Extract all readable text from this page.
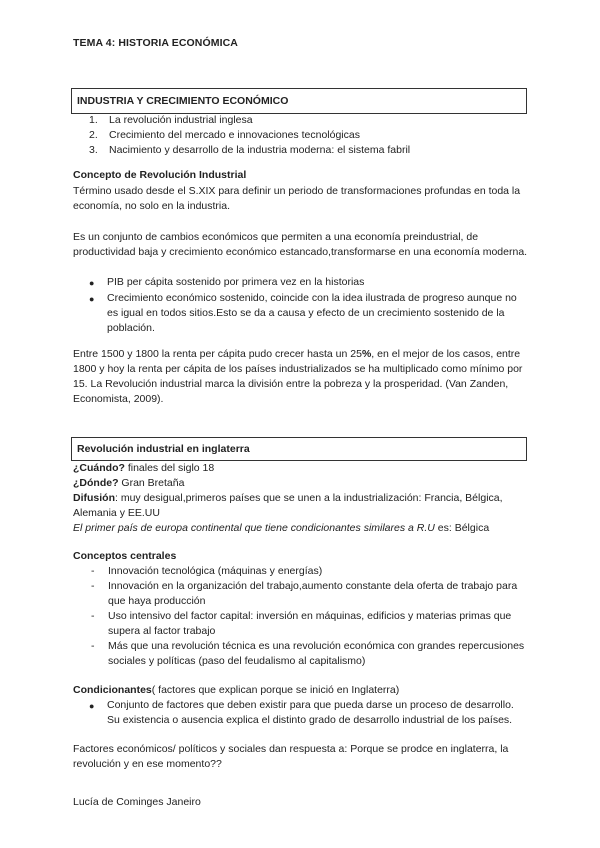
TEMA 4: HISTORIA ECONÓMICA

INDUSTRIA Y CRECIMIENTO ECONÓMICO
1.	La revolución industrial inglesa
2.	Crecimiento del mercado e innovaciones tecnológicas
3.	Nacimiento y desarrollo de la industria moderna: el sistema fabril

Concepto de Revolución Industrial

Término usado desde el S.XIX para definir un periodo de transformaciones profundas en toda la economía, no solo en la industria.

Es un conjunto de cambios económicos que permiten a una economía preindustrial, de productividad baja y crecimiento económico estancado,transformarse en una economía moderna.

●	PIB per cápita sostenido por primera vez en la historias
●	Crecimiento económico sostenido, coincide con la idea ilustrada de progreso aunque no es igual en todos sitios.Esto se da a causa y efecto de un crecimiento sostenido de la población.

Entre 1500 y 1800 la renta per cápita pudo crecer hasta un 25%, en el mejor de los casos, entre 1800 y hoy la renta per cápita de los países industrializados se ha multiplicado como mínimo por 15. La Revolución industrial marca la división entre la pobreza y la prosperidad. (Van Zanden, Economista, 2009).

Revolución industrial en inglaterra

¿Cuándo? finales del siglo 18

¿Dónde? Gran Bretaña

Difusión: muy desigual,primeros países que se unen a la industrialización: Francia, Bélgica, Alemania y EE.UU

El primer país de europa continental que tiene condicionantes similares a R.U es: Bélgica

Conceptos centrales

-	Innovación tecnológica (máquinas y energías)
-	Innovación en la organización del trabajo,aumento constante dela oferta de trabajo para que haya producción
-	Uso intensivo del factor capital: inversión en máquinas, edificios y materias primas que supera al factor trabajo
-	Más que una revolución técnica es una revolución económica con grandes repercusiones sociales y políticas (paso del feudalismo al capitalismo)

Condicionantes( factores que explican porque se inició en Inglaterra)

●	Conjunto de factores que deben existir para que pueda darse un proceso de desarrollo. Su existencia o ausencia explica el distinto grado de desarrollo industrial de los países.

Factores económicos/ políticos y sociales dan respuesta a: Porque se prodce en inglaterra, la revolución y en ese momento??

Lucía de Cominges Janeiro
